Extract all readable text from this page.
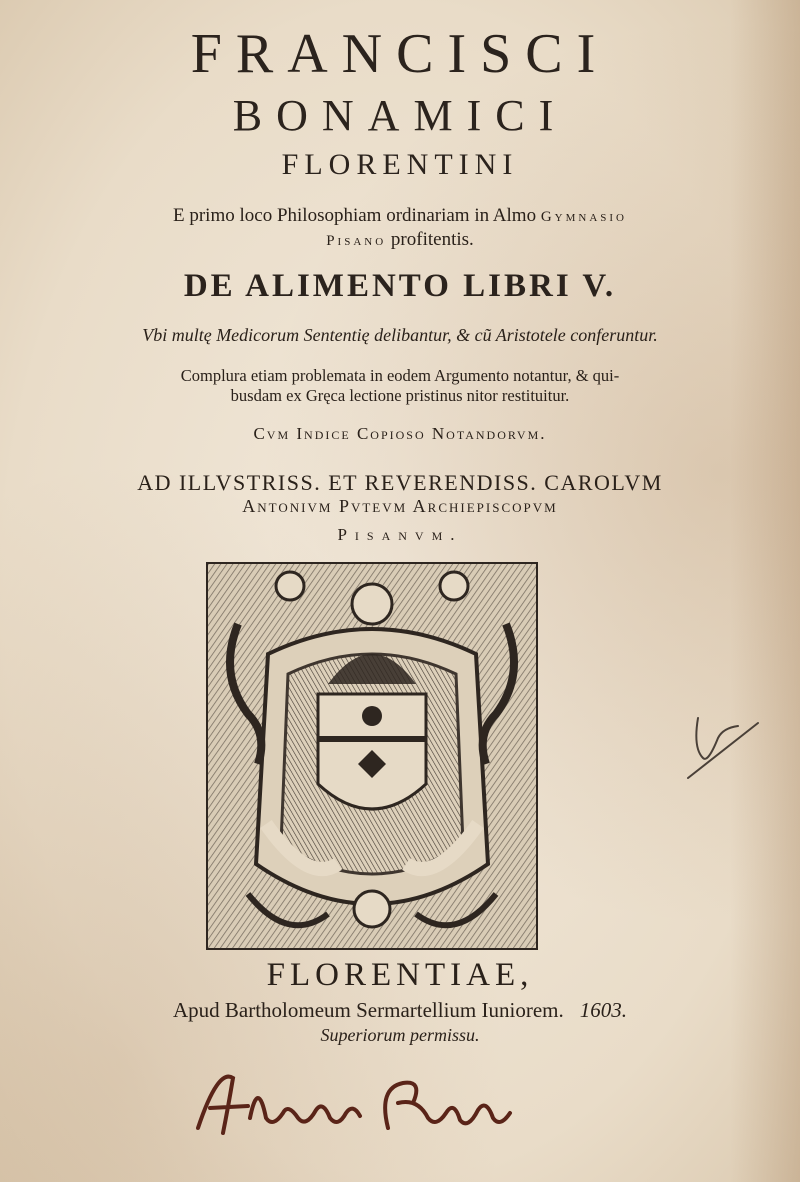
FRANCISCI
BONAMICI
FLORENTINI
E primo loco Philosophiam ordinariam in Almo Gymnasio
Pisano profitentis.
DE ALIMENTO LIBRI V.
Vbi multę Medicorum Sententię delibantur, & cũ Aristotele conferuntur.
Complura etiam problemata in eodem Argumento notantur, & qui-
busdam ex Gręca lectione pristinus nitor restituitur.
Cvm Indice Copioso Notandorvm.
AD ILLVSTRISS. ET REVERENDISS. CAROLVM
Antonivm Pvtevm Archiepiscopvm
Pisanvm.
FLORENTIAE,
Apud Bartholomeum Sermartellium Iuniorem. 1603.
Superiorum permissu.
